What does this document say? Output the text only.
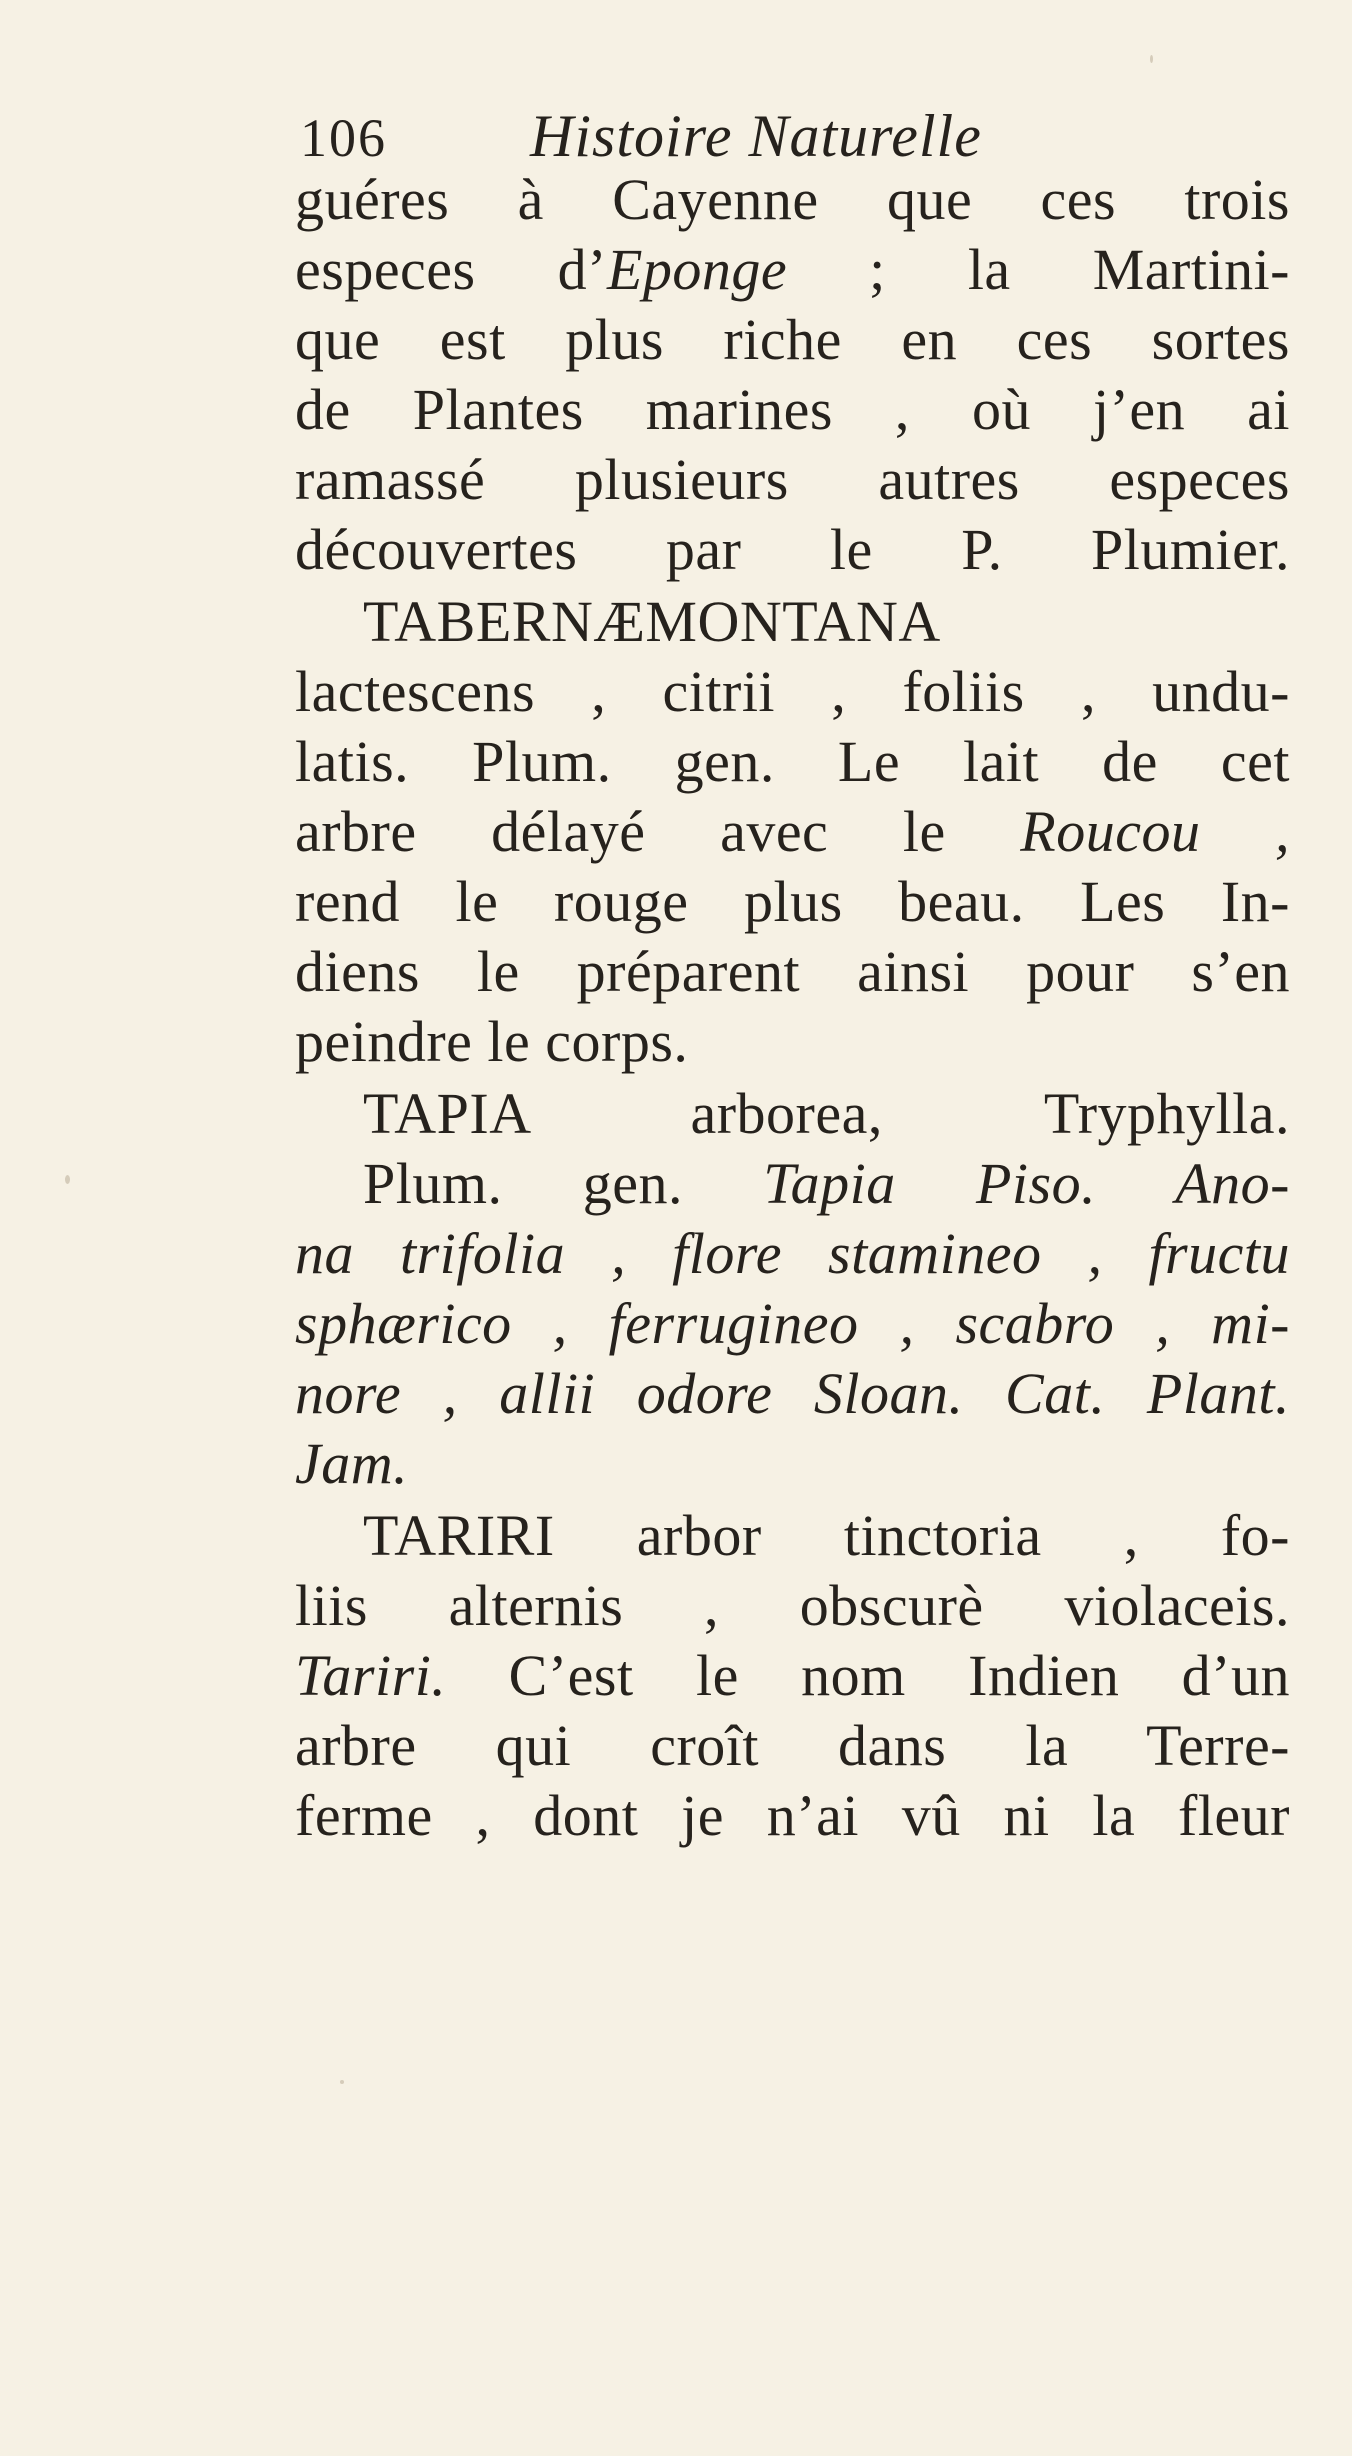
106 Histoire Naturelle
guéres à Cayenne que ces trois
especes d’Eponge ; la Martini-
que est plus riche en ces sortes
de Plantes marines , où j’en ai
ramassé plusieurs autres especes
découvertes par le P. Plumier.
TABERNÆMONTANA
lactescens , citrii , foliis , undu-
latis. Plum. gen. Le lait de cet
arbre délayé avec le Roucou ,
rend le rouge plus beau. Les In-
diens le préparent ainsi pour s’en
peindre le corps.
TAPIA arborea, Tryphylla.
Plum. gen. Tapia Piso. Ano-
na trifolia , flore stamineo , fructu
sphærico , ferrugineo , scabro , mi-
nore , allii odore Sloan. Cat. Plant.
Jam.
TARIRI arbor tinctoria , fo-
liis alternis , obscurè violaceis.
Tariri. C’est le nom Indien d’un
arbre qui croît dans la Terre-
ferme , dont je n’ai vû ni la fleur
